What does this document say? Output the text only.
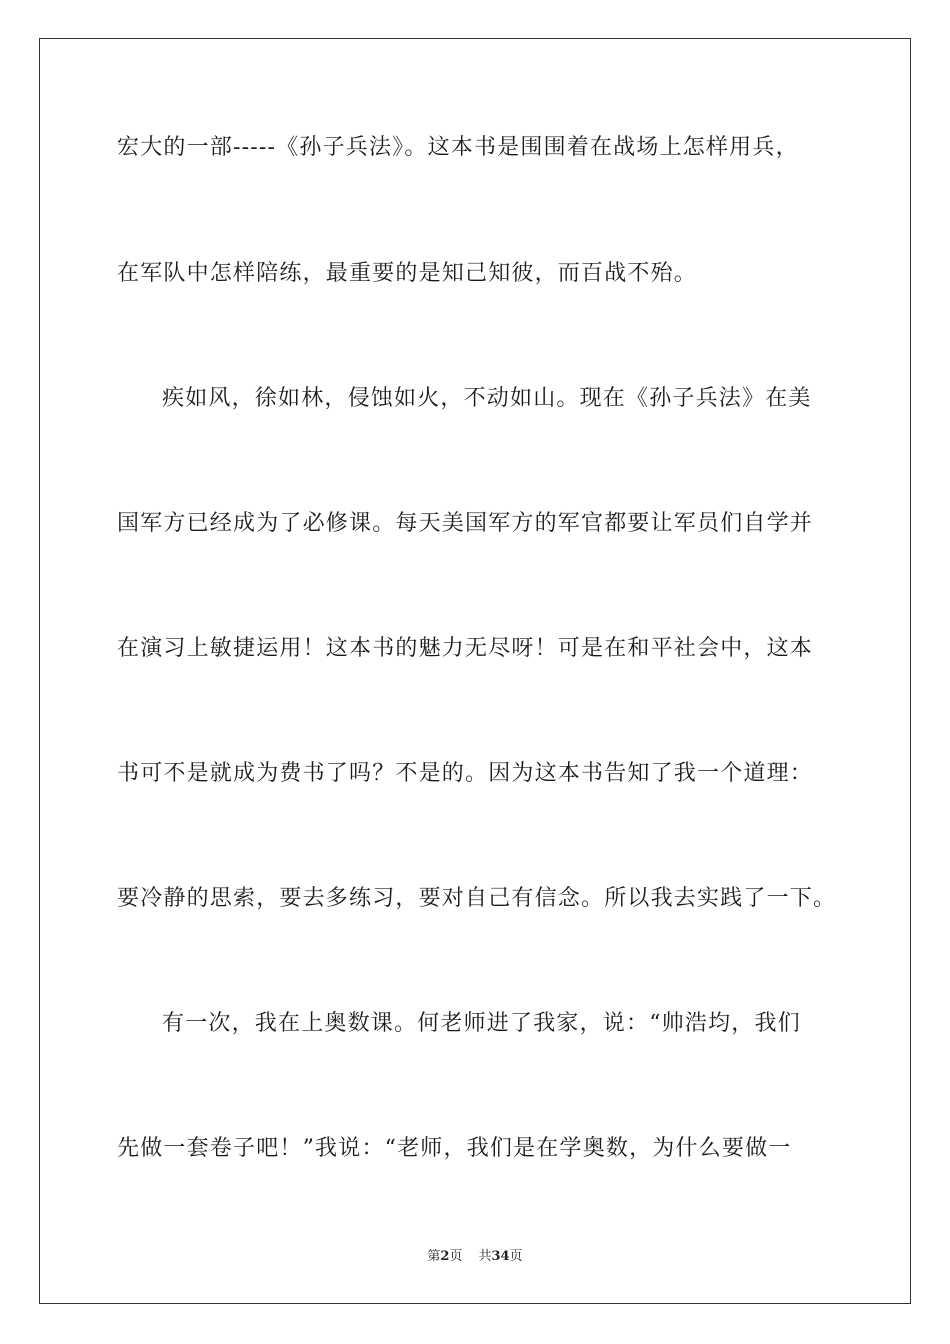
宏大的一部-----《孙子兵法》。这本书是围围着在战场上怎样用兵，
在军队中怎样陪练，最重要的是知己知彼，而百战不殆。
疾如风，徐如林，侵蚀如火，不动如山。现在《孙子兵法》在美
国军方已经成为了必修课。每天美国军方的军官都要让军员们自学并
在演习上敏捷运用！这本书的魅力无尽呀！可是在和平社会中，这本
书可不是就成为费书了吗？不是的。因为这本书告知了我一个道理：
要冷静的思索，要去多练习，要对自己有信念。所以我去实践了一下。
有一次，我在上奥数课。何老师进了我家，说：“帅浩均，我们
先做一套卷子吧！”我说：“老师，我们是在学奥数，为什么要做一
第2页 共34页
